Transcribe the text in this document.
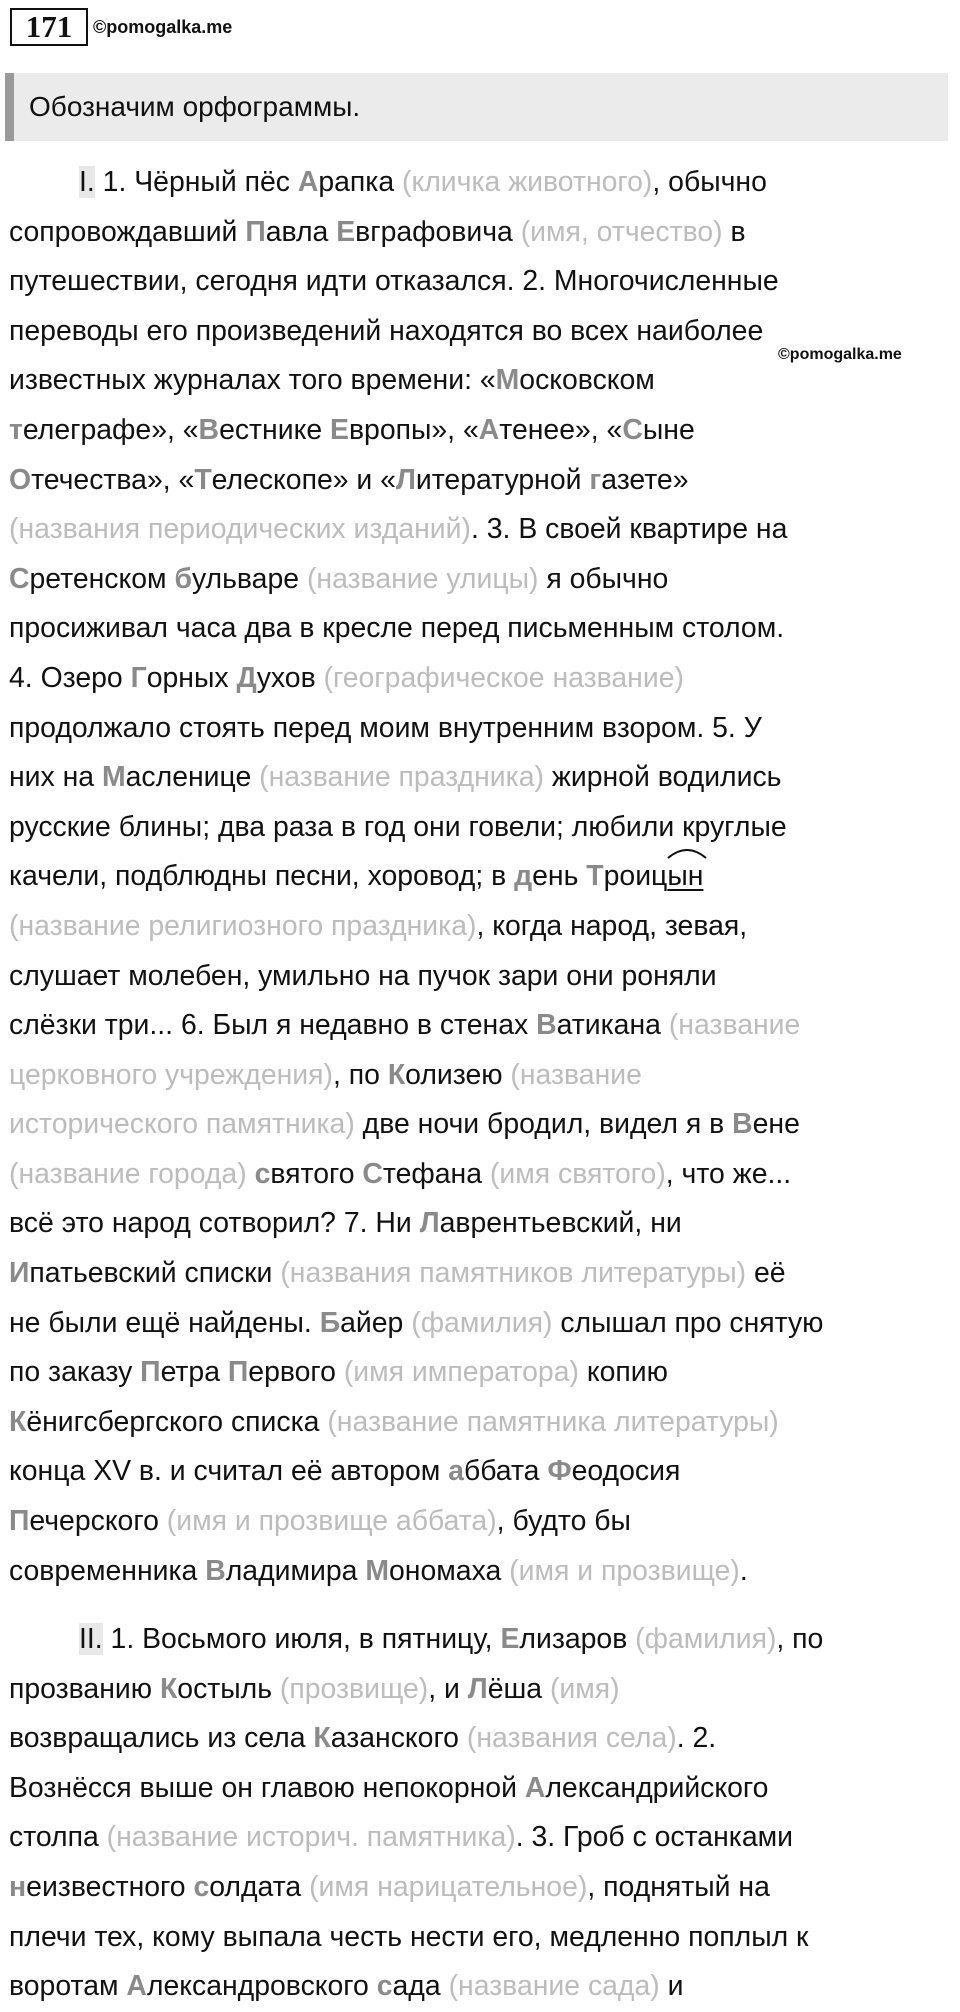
171	©pomogalka.me
©pomogalka.me
Обозначим орфограммы.
I. 1. Чёрный пёс Арапка (кличка животного), обычно
сопровождавший Павла Евграфовича (имя, отчество) в
путешествии, сегодня идти отказался. 2. Многочисленные
переводы его произведений находятся во всех наиболее
известных журналах того времени: «Московском
телеграфе», «Вестнике Европы», «Атенее», «Сыне
Отечества», «Телескопе» и «Литературной газете»
(названия периодических изданий). 3. В своей квартире на
Сретенском бульваре (название улицы) я обычно
просиживал часа два в кресле перед письменным столом.
4. Озеро Горных Духов (географическое название)
продолжало стоять перед моим внутренним взором. 5. У
них на Масленице (название праздника) жирной водились
русские блины; два раза в год они говели; любили круглые
качели, подблюдны песни, хоровод; в день Троицын
(название религиозного праздника), когда народ, зевая,
слушает молебен, умильно на пучок зари они роняли
слёзки три... 6. Был я недавно в стенах Ватикана (название
церковного учреждения), по Колизею (название
исторического памятника) две ночи бродил, видел я в Вене
(название города) святого Стефана (имя святого), что же...
всё это народ сотворил? 7. Ни Лаврентьевский, ни
Ипатьевский списки (названия памятников литературы) её
не были ещё найдены. Байер (фамилия) слышал про снятую
по заказу Петра Первого (имя императора) копию
Кёнигсбергского списка (название памятника литературы)
конца XV в. и считал её автором аббата Феодосия
Печерского (имя и прозвище аббата), будто бы
современника Владимира Мономаха (имя и прозвище).
II. 1. Восьмого июля, в пятницу, Елизаров (фамилия), по
прозванию Костыль (прозвище), и Лёша (имя)
возвращались из села Казанского (названия села). 2.
Вознёсся выше он главою непокорной Александрийского
столпа (название историч. памятника). 3. Гроб с останками
неизвестного солдата (имя нарицательное), поднятый на
плечи тех, кому выпала честь нести его, медленно поплыл к
воротам Александровского сада (название сада) и
